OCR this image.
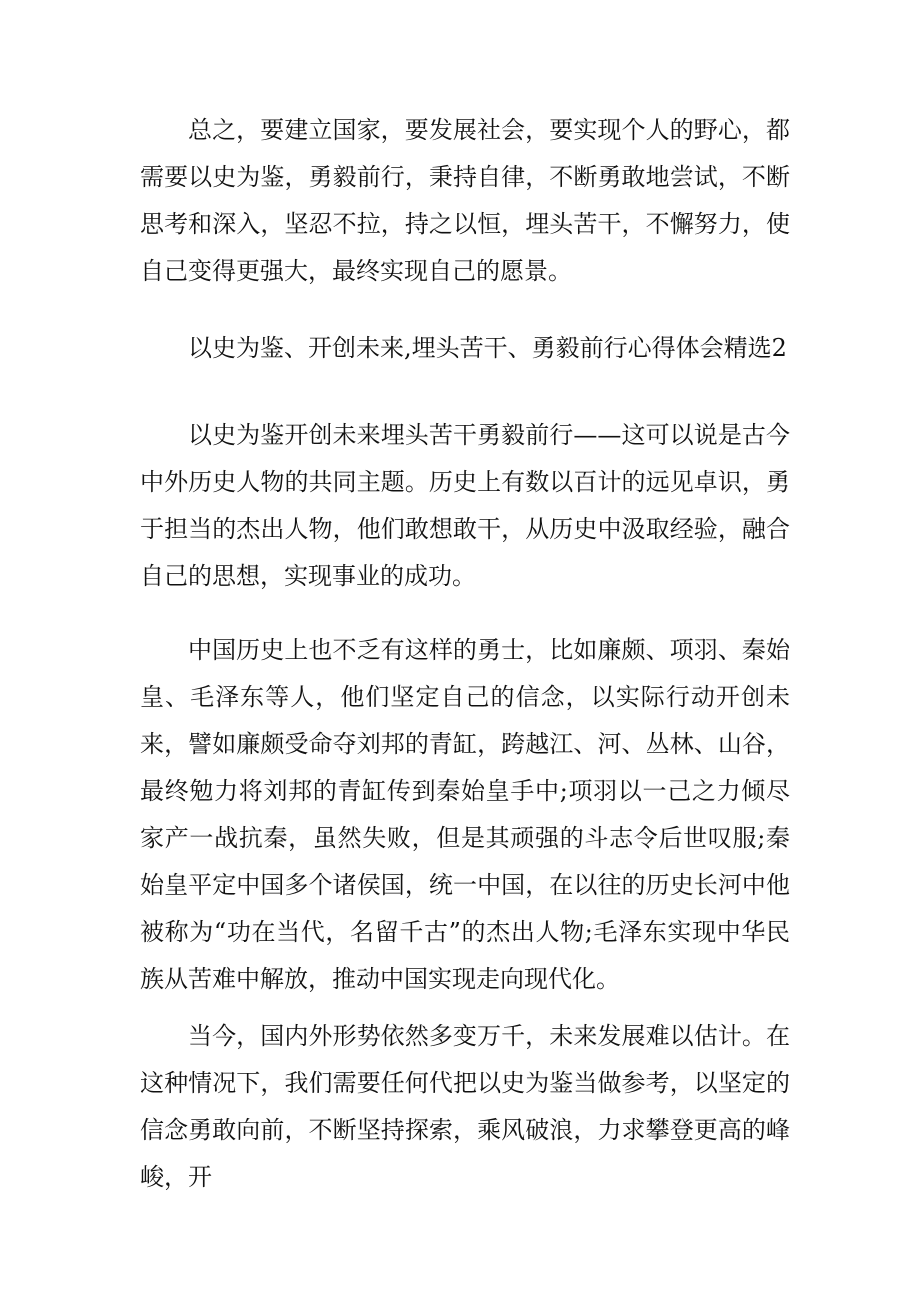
总之，要建立国家，要发展社会，要实现个人的野心，都需要以史为鉴，勇毅前行，秉持自律，不断勇敢地尝试，不断思考和深入，坚忍不拉，持之以恒，埋头苦干，不懈努力，使自己变得更强大，最终实现自己的愿景。

以史为鉴、开创未来,埋头苦干、勇毅前行心得体会精选2

以史为鉴开创未来埋头苦干勇毅前行——这可以说是古今中外历史人物的共同主题。历史上有数以百计的远见卓识，勇于担当的杰出人物，他们敢想敢干，从历史中汲取经验，融合自己的思想，实现事业的成功。

中国历史上也不乏有这样的勇士，比如廉颇、项羽、秦始皇、毛泽东等人，他们坚定自己的信念，以实际行动开创未来，譬如廉颇受命夺刘邦的青缸，跨越江、河、丛林、山谷，最终勉力将刘邦的青缸传到秦始皇手中;项羽以一己之力倾尽家产一战抗秦，虽然失败，但是其顽强的斗志令后世叹服;秦始皇平定中国多个诸侯国，统一中国，在以往的历史长河中他被称为“功在当代，名留千古”的杰出人物;毛泽东实现中华民族从苦难中解放，推动中国实现走向现代化。

当今，国内外形势依然多变万千，未来发展难以估计。在这种情况下，我们需要任何代把以史为鉴当做参考，以坚定的信念勇敢向前，不断坚持探索，乘风破浪，力求攀登更高的峰峻，开
